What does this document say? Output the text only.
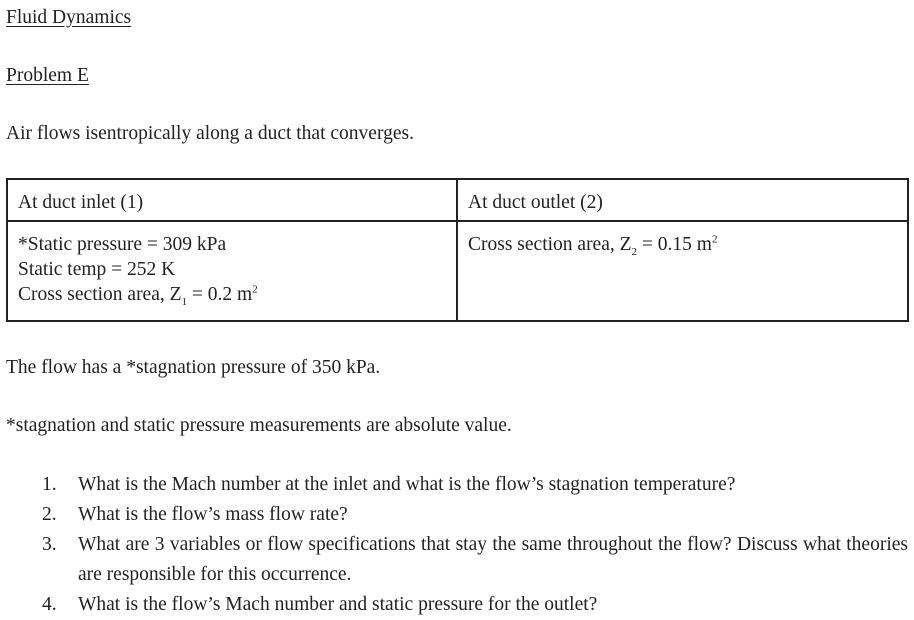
Fluid Dynamics
Problem E
Air flows isentropically along a duct that converges.
At duct inlet (1)	At duct outlet (2)

*Static pressure = 309 kPa
Static temp = 252 K
Cross section area, $Z_1 = 0.2$ $m^2$	Cross section area, $Z_2 = 0.15$ $m^2$
The flow has a *stagnation pressure of 350 kPa.
*stagnation and static pressure measurements are absolute value.
1. What is the Mach number at the inlet and what is the flow’s stagnation temperature?
2. What is the flow’s mass flow rate?
3. What are 3 variables or flow specifications that stay the same throughout the flow? Discuss what theories are responsible for this occurrence.
4. What is the flow’s Mach number and static pressure for the outlet?
